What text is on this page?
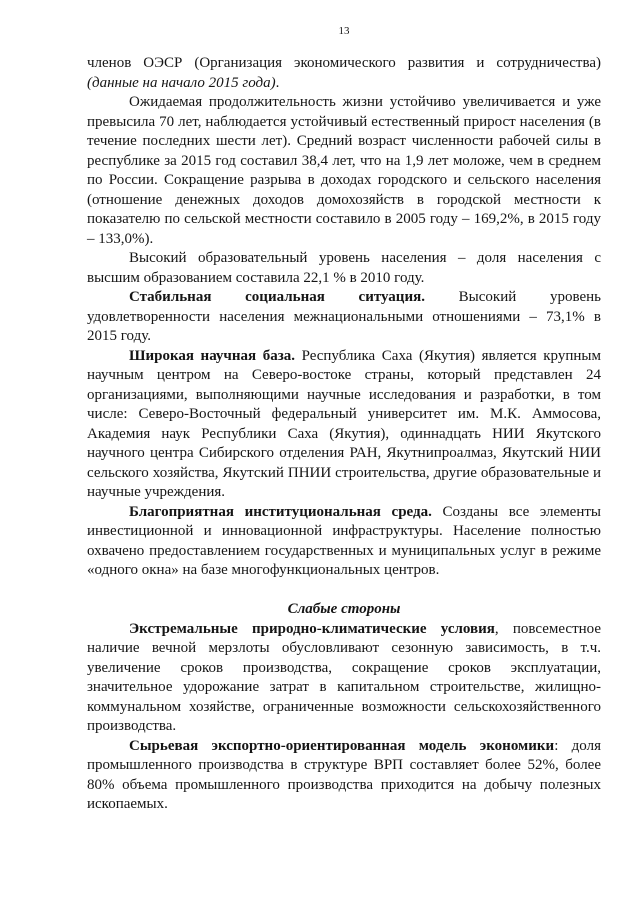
13

членов ОЭСР (Организация экономического развития и сотрудничества) (данные на начало 2015 года).

Ожидаемая продолжительность жизни устойчиво увеличивается и уже превысила 70 лет, наблюдается устойчивый естественный прирост населения (в течение последних шести лет). Средний возраст численности рабочей силы в республике за 2015 год составил 38,4 лет, что на 1,9 лет моложе, чем в среднем по России. Сокращение разрыва в доходах городского и сельского населения (отношение денежных доходов домохозяйств в городской местности к показателю по сельской местности составило в 2005 году – 169,2%, в 2015 году – 133,0%).

Высокий образовательный уровень населения – доля населения с высшим образованием составила 22,1 % в 2010 году.

Стабильная социальная ситуация. Высокий уровень удовлетворенности населения межнациональными отношениями – 73,1% в 2015 году.

Широкая научная база. Республика Саха (Якутия) является крупным научным центром на Северо-востоке страны, который представлен 24 организациями, выполняющими научные исследования и разработки, в том числе: Северо-Восточный федеральный университет им. М.К. Аммосова, Академия наук Республики Саха (Якутия), одиннадцать НИИ Якутского научного центра Сибирского отделения РАН, Якутнипроалмаз, Якутский НИИ сельского хозяйства, Якутский ПНИИ строительства, другие образовательные и научные учреждения.

Благоприятная институциональная среда. Созданы все элементы инвестиционной и инновационной инфраструктуры. Население полностью охвачено предоставлением государственных и муниципальных услуг в режиме «одного окна» на базе многофункциональных центров.

Слабые стороны

Экстремальные природно-климатические условия, повсеместное наличие вечной мерзлоты обусловливают сезонную зависимость, в т.ч. увеличение сроков производства, сокращение сроков эксплуатации, значительное удорожание затрат в капитальном строительстве, жилищно-коммунальном хозяйстве, ограниченные возможности сельскохозяйственного производства.

Сырьевая экспортно-ориентированная модель экономики: доля промышленного производства в структуре ВРП составляет более 52%, более 80% объема промышленного производства приходится на добычу полезных ископаемых.
